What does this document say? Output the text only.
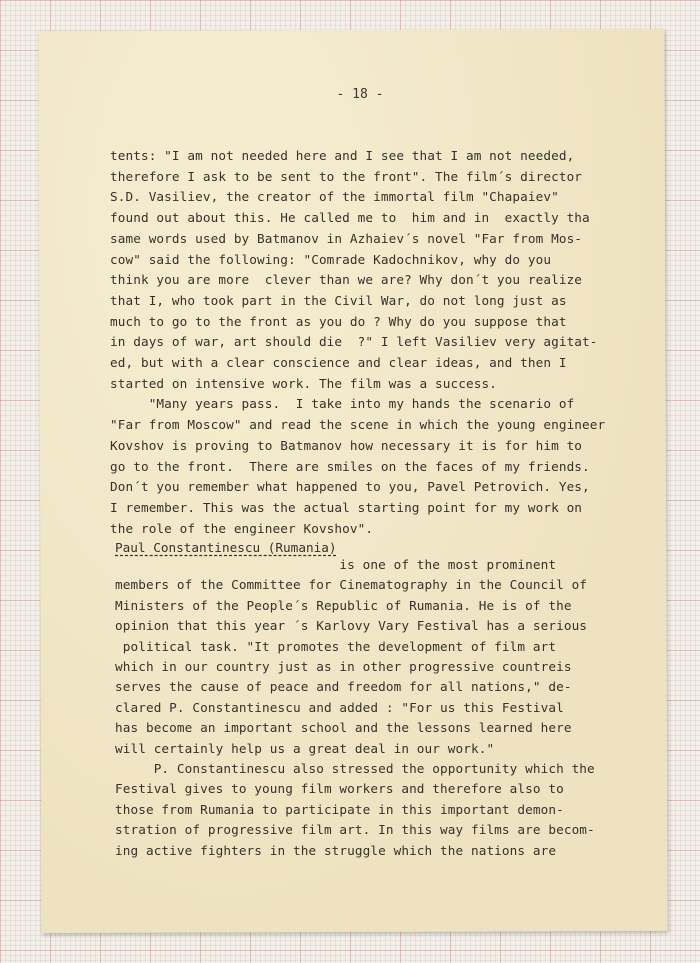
- 18 -
tents: "I am not needed here and I see that I am not needed,
therefore I ask to be sent to the front". The film´s director
S.D. Vasiliev, the creator of the immortal film "Chapaiev"
found out about this. He called me to  him and in  exactly tha
same words used by Batmanov in Azhaiev´s novel "Far from Mos-
cow" said the following: "Comrade Kadochnikov, why do you
think you are more  clever than we are? Why don´t you realize
that I, who took part in the Civil War, do not long just as
much to go to the front as you do ? Why do you suppose that
in days of war, art should die  ?" I left Vasiliev very agitat-
ed, but with a clear conscience and clear ideas, and then I
started on intensive work. The film was a success.
"Many years pass.  I take into my hands the scenario of
"Far from Moscow" and read the scene in which the young engineer
Kovshov is proving to Batmanov how necessary it is for him to
go to the front.  There are smiles on the faces of my friends.
Don´t you remember what happened to you, Pavel Petrovich. Yes,
I remember. This was the actual starting point for my work on
the role of the engineer Kovshov".
Paul Constantinescu (Rumania)
is one of the most prominent
members of the Committee for Cinematography in the Council of
Ministers of the People´s Republic of Rumania. He is of the
opinion that this year ´s Karlovy Vary Festival has a serious
political task. "It promotes the development of film art
which in our country just as in other progressive countreis
serves the cause of peace and freedom for all nations," de-
clared P. Constantinescu and added : "For us this Festival
has become an important school and the lessons learned here
will certainly help us a great deal in our work."
P. Constantinescu also stressed the opportunity which the
Festival gives to young film workers and therefore also to
those from Rumania to participate in this important demon-
stration of progressive film art. In this way films are becom-
ing active fighters in the struggle which the nations are
